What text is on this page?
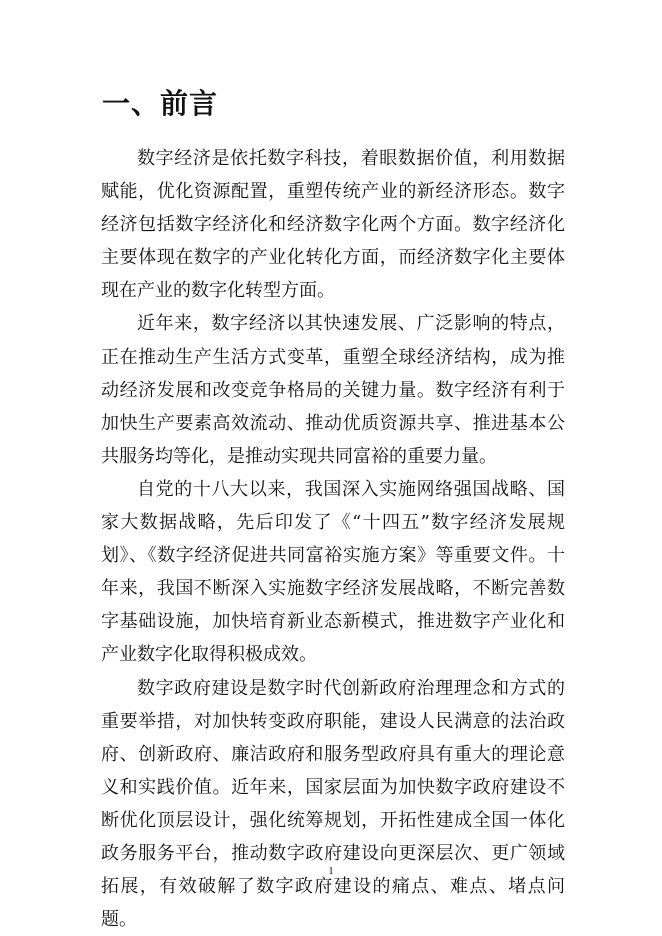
一、前言

数字经济是依托数字科技，着眼数据价值，利用数据赋能，优化资源配置，重塑传统产业的新经济形态。数字经济包括数字经济化和经济数字化两个方面。数字经济化主要体现在数字的产业化转化方面，而经济数字化主要体现在产业的数字化转型方面。

近年来，数字经济以其快速发展、广泛影响的特点，正在推动生产生活方式变革，重塑全球经济结构，成为推动经济发展和改变竞争格局的关键力量。数字经济有利于加快生产要素高效流动、推动优质资源共享、推进基本公共服务均等化，是推动实现共同富裕的重要力量。

自党的十八大以来，我国深入实施网络强国战略、国家大数据战略，先后印发了《“十四五”数字经济发展规划》、《数字经济促进共同富裕实施方案》等重要文件。十年来，我国不断深入实施数字经济发展战略，不断完善数字基础设施，加快培育新业态新模式，推进数字产业化和产业数字化取得积极成效。

数字政府建设是数字时代创新政府治理理念和方式的重要举措，对加快转变政府职能，建设人民满意的法治政府、创新政府、廉洁政府和服务型政府具有重大的理论意义和实践价值。近年来，国家层面为加快数字政府建设不断优化顶层设计，强化统筹规划，开拓性建成全国一体化政务服务平台，推动数字政府建设向更深层次、更广领域拓展，有效破解了数字政府建设的痛点、难点、堵点问题。

1
